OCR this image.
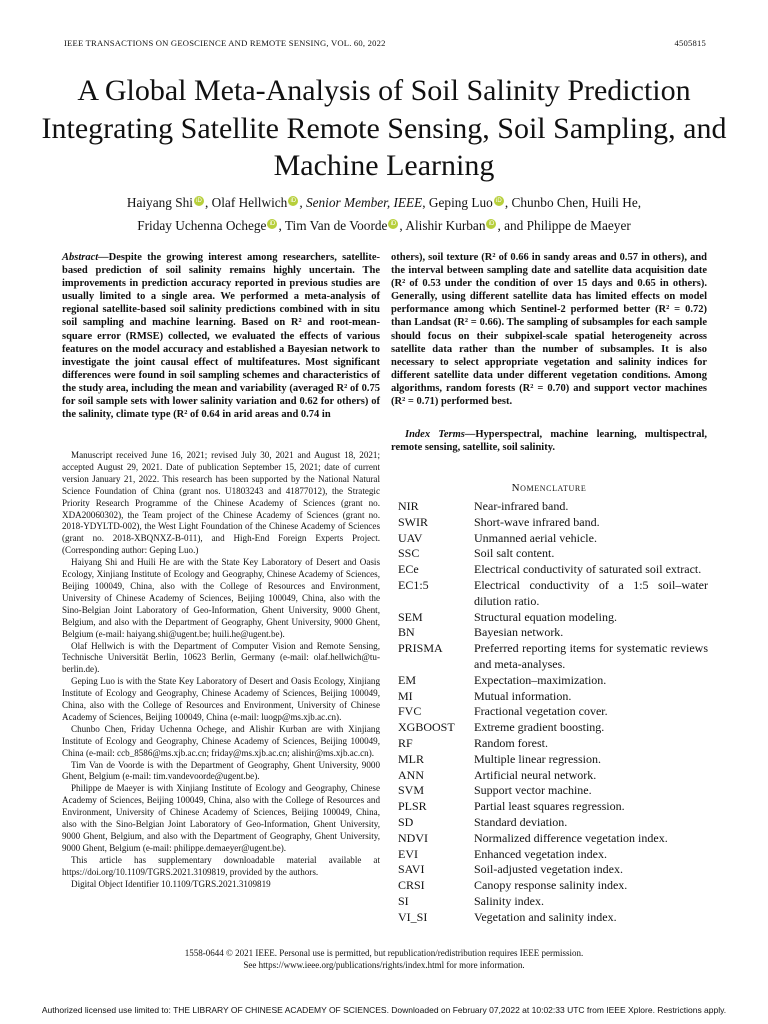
IEEE TRANSACTIONS ON GEOSCIENCE AND REMOTE SENSING, VOL. 60, 2022	4505815
A Global Meta-Analysis of Soil Salinity Prediction Integrating Satellite Remote Sensing, Soil Sampling, and Machine Learning
Haiyang Shi iD , Olaf Hellwich iD , Senior Member, IEEE, Geping Luo iD , Chunbo Chen, Huili He,
Friday Uchenna Ochege iD , Tim Van de Voorde iD , Alishir Kurban iD , and Philippe de Maeyer
Abstract—Despite the growing interest among researchers, satellite-based prediction of soil salinity remains highly uncertain. The improvements in prediction accuracy reported in previous studies are usually limited to a single area. We performed a meta-analysis of regional satellite-based soil salinity predictions combined with in situ soil sampling and machine learning. Based on R² and root-mean-square error (RMSE) collected, we evaluated the effects of various features on the model accuracy and established a Bayesian network to investigate the joint causal effect of multifeatures. Most significant differences were found in soil sampling schemes and characteristics of the study area, including the mean and variability (averaged R² of 0.75 for soil sample sets with lower salinity variation and 0.62 for others) of the salinity, climate type (R² of 0.64 in arid areas and 0.74 in
others), soil texture (R² of 0.66 in sandy areas and 0.57 in others), and the interval between sampling date and satellite data acquisition date (R² of 0.53 under the condition of over 15 days and 0.65 in others). Generally, using different satellite data has limited effects on model performance among which Sentinel-2 performed better (R² = 0.72) than Landsat (R² = 0.66). The sampling of subsamples for each sample should focus on their subpixel-scale spatial heterogeneity across satellite data rather than the number of subsamples. It is also necessary to select appropriate vegetation and salinity indices for different satellite data under different vegetation conditions. Among algorithms, random forests (R² = 0.70) and support vector machines (R² = 0.71) performed best.
Index Terms—Hyperspectral, machine learning, multispectral, remote sensing, satellite, soil salinity.

Manuscript received June 16, 2021; revised July 30, 2021 and August 18, 2021; accepted August 29, 2021. Date of publication September 15, 2021; date of current version January 21, 2022. This research has been supported by the National Natural Science Foundation of China (grant nos. U1803243 and 41877012), the Strategic Priority Research Programme of the Chinese Academy of Sciences (grant no. XDA20060302), the Team project of the Chinese Academy of Sciences (grant no. 2018-YDYLTD-002), the West Light Foundation of the Chinese Academy of Sciences (grant no. 2018-XBQNXZ-B-011), and High-End Foreign Experts Project. (Corresponding author: Geping Luo.)

Haiyang Shi and Huili He are with the State Key Laboratory of Desert and Oasis Ecology, Xinjiang Institute of Ecology and Geography, Chinese Academy of Sciences, Beijing 100049, China, also with the College of Resources and Environment, University of Chinese Academy of Sciences, Beijing 100049, China, also with the Sino-Belgian Joint Laboratory of Geo-Information, Ghent University, 9000 Ghent, Belgium, and also with the Department of Geography, Ghent University, 9000 Ghent, Belgium (e-mail: haiyang.shi@ugent.be; huili.he@ugent.be).

Olaf Hellwich is with the Department of Computer Vision and Remote Sensing, Technische Universität Berlin, 10623 Berlin, Germany (e-mail: olaf.hellwich@tu-berlin.de).

Geping Luo is with the State Key Laboratory of Desert and Oasis Ecology, Xinjiang Institute of Ecology and Geography, Chinese Academy of Sciences, Beijing 100049, China, also with the College of Resources and Environment, University of Chinese Academy of Sciences, Beijing 100049, China (e-mail: luogp@ms.xjb.ac.cn).

Chunbo Chen, Friday Uchenna Ochege, and Alishir Kurban are with Xinjiang Institute of Ecology and Geography, Chinese Academy of Sciences, Beijing 100049, China (e-mail: ccb_8586@ms.xjb.ac.cn; friday@ms.xjb.ac.cn; alishir@ms.xjb.ac.cn).

Tim Van de Voorde is with the Department of Geography, Ghent University, 9000 Ghent, Belgium (e-mail: tim.vandevoorde@ugent.be).

Philippe de Maeyer is with Xinjiang Institute of Ecology and Geography, Chinese Academy of Sciences, Beijing 100049, China, also with the College of Resources and Environment, University of Chinese Academy of Sciences, Beijing 100049, China, also with the Sino-Belgian Joint Laboratory of Geo-Information, Ghent University, 9000 Ghent, Belgium, and also with the Department of Geography, Ghent University, 9000 Ghent, Belgium (e-mail: philippe.demaeyer@ugent.be).

This article has supplementary downloadable material available at https://doi.org/10.1109/TGRS.2021.3109819, provided by the authors.

Digital Object Identifier 10.1109/TGRS.2021.3109819

Nomenclature
NIR	Near-infrared band.
SWIR	Short-wave infrared band.
UAV	Unmanned aerial vehicle.
SSC	Soil salt content.
ECe	Electrical conductivity of saturated soil extract.
EC1:5	Electrical conductivity of a 1:5 soil–water dilution ratio.
SEM	Structural equation modeling.
BN	Bayesian network.
PRISMA	Preferred reporting items for systematic reviews and meta-analyses.
EM	Expectation–maximization.
MI	Mutual information.
FVC	Fractional vegetation cover.
XGBOOST	Extreme gradient boosting.
RF	Random forest.
MLR	Multiple linear regression.
ANN	Artificial neural network.
SVM	Support vector machine.
PLSR	Partial least squares regression.
SD	Standard deviation.
NDVI	Normalized difference vegetation index.
EVI	Enhanced vegetation index.
SAVI	Soil-adjusted vegetation index.
CRSI	Canopy response salinity index.
SI	Salinity index.
VI_SI	Vegetation and salinity index.
1558-0644 © 2021 IEEE. Personal use is permitted, but republication/redistribution requires IEEE permission.
See https://www.ieee.org/publications/rights/index.html for more information.
Authorized licensed use limited to: THE LIBRARY OF CHINESE ACADEMY OF SCIENCES. Downloaded on February 07,2022 at 10:02:33 UTC from IEEE Xplore. Restrictions apply.
